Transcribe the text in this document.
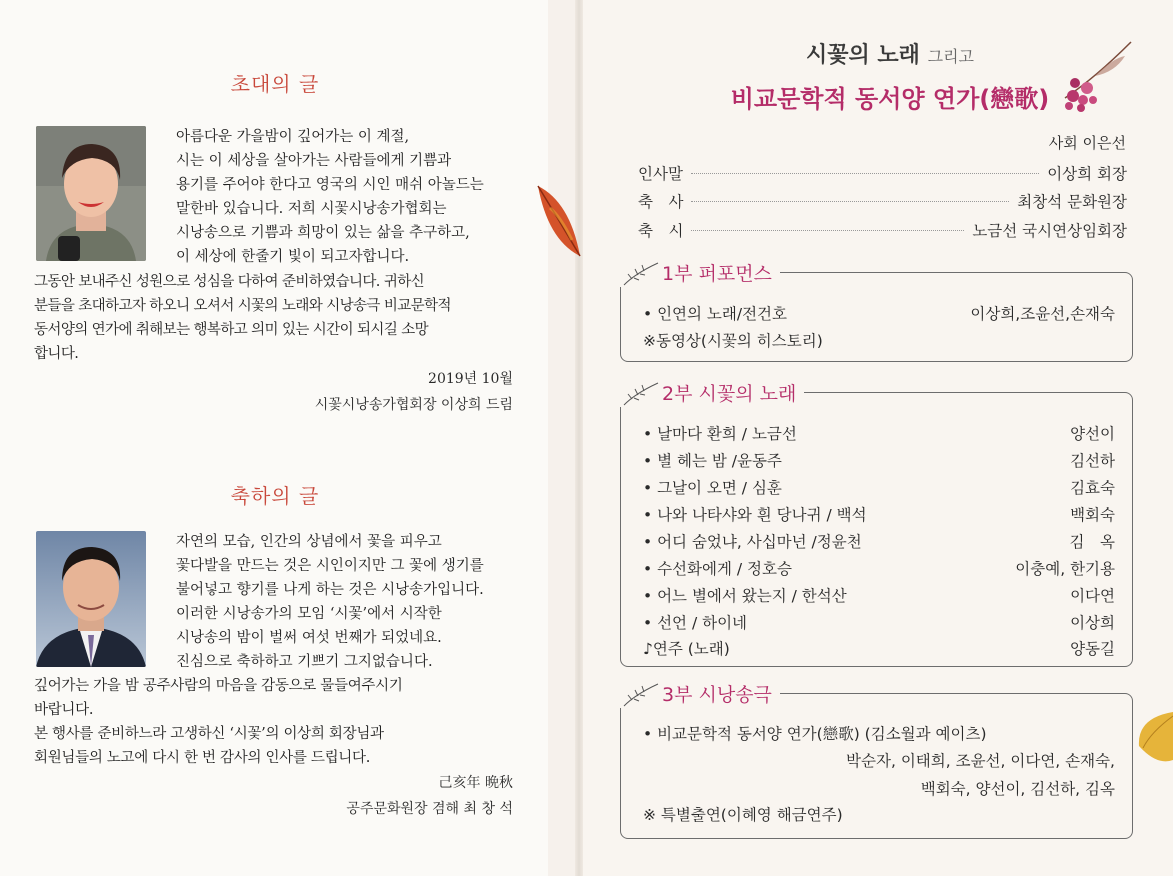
초대의 글

아름다운 가을밤이 깊어가는 이 계절,

시는 이 세상을 살아가는 사람들에게 기쁨과

용기를 주어야 한다고 영국의 시인 매쉬 아놀드는

말한바 있습니다. 저희 시꽃시낭송가협회는

시낭송으로 기쁨과 희망이 있는 삶을 추구하고,

이 세상에 한줄기 빛이 되고자합니다.

그동안 보내주신 성원으로 성심을 다하여 준비하였습니다. 귀하신

분들을 초대하고자 하오니 오셔서 시꽃의 노래와 시낭송극 비교문학적

동서양의 연가에 취해보는 행복하고 의미 있는 시간이 되시길 소망

합니다.

2019년 10월
시꽃시낭송가협회장 이상희 드림
축하의 글

자연의 모습, 인간의 상념에서 꽃을 피우고

꽃다발을 만드는 것은 시인이지만 그 꽃에 생기를

불어넣고 향기를 나게 하는 것은 시낭송가입니다.

이러한 시낭송가의 모임 ‘시꽃’에서 시작한

시낭송의 밤이 벌써 여섯 번째가 되었네요.

진심으로 축하하고 기쁘기 그지없습니다.

깊어가는 가을 밤 공주사람의 마음을 감동으로 물들여주시기

바랍니다.

본 행사를 준비하느라 고생하신 ‘시꽃’의 이상희 회장님과

회원님들의 노고에 다시 한 번 감사의 인사를 드립니다.

己亥年 晩秋
공주문화원장 겸해 최 창 석
시꽃의 노래 그리고
비교문학적 동서양 연가(戀歌)
사회 이은선
인사말	이상희 회장
축　사	최창석 문화원장
축　시	노금선 국시연상임회장
1부 퍼포먼스
• 인연의 노래/전건호	이상희,조윤선,손재숙
※동영상(시꽃의 히스토리)
2부 시꽃의 노래
• 날마다 환희 / 노금선	양선이
• 별 헤는 밤 /윤동주	김선하
• 그날이 오면 / 심훈	김효숙
• 나와 나타샤와 흰 당나귀 / 백석	백회숙
• 어디 숨었냐, 사십마넌 /정윤천	김　옥
• 수선화에게 / 정호승	이충예, 한기용
• 어느 별에서 왔는지 / 한석산	이다연
• 선언 / 하이네	이상희
♪연주 (노래)	양동길
3부 시낭송극
• 비교문학적 동서양 연가(戀歌) (김소월과 예이츠)
박순자, 이태희, 조윤선, 이다연, 손재숙,
백회숙, 양선이, 김선하, 김옥
※ 특별출연(이혜영 해금연주)
